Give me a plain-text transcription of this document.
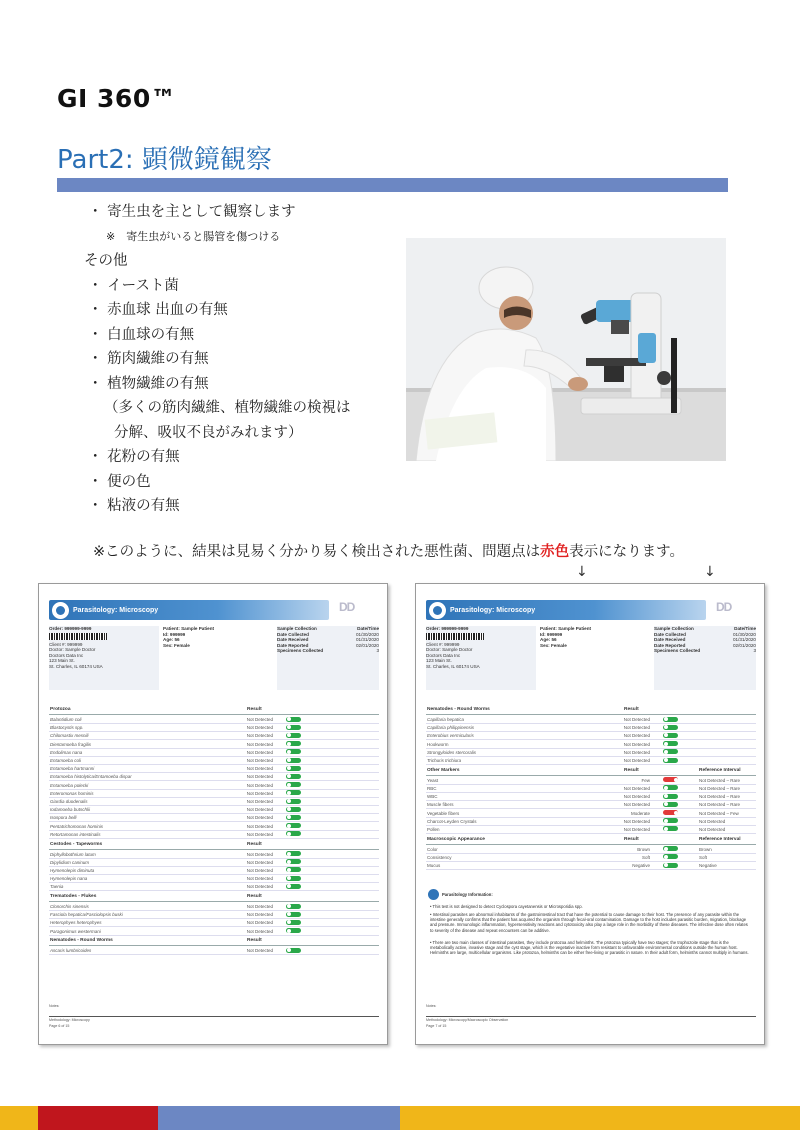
GI 360™
Part2: 顕微鏡観察
・ 寄生虫を主として観察します
※　寄生虫がいると腸管を傷つける
その他
・ イースト菌
・ 赤血球 出血の有無
・ 白血球の有無
・ 筋肉繊維の有無
・ 植物繊維の有無
（多くの筋肉繊維、植物繊維の検視は
分解、吸収不良がみれます）
・ 花粉の有無
・ 便の色
・ 粘液の有無
※このように、結果は見易く分かり易く検出された悪性菌、問題点は赤色表示になります。
↓	↓
Parasitology: Microscopy	DD
Order: 999999-9999
Client #: 999999
Doctor: Sample Doctor
Doctors Data Inc
123 Main St.
St. Charles, IL 60174 USA
Patient: Sample Patient
Id: 999999
Age: 56
Sex: Female
Sample Collection	Date/Time
Date Collected	01/30/2020
Date Received	01/31/2020
Date Reported	02/01/2020
Specimens Collected	3
Protozoa	Result
Balantidium coli	Not Detected
Blastocystis spp.	Not Detected
Chilomastix mesnili	Not Detected
Dientamoeba fragilis	Not Detected
Endolimax nana	Not Detected
Entamoeba coli	Not Detected
Entamoeba hartmanni	Not Detected
Entamoeba histolytica/Entamoeba dispar	Not Detected
Entamoeba polecki	Not Detected
Enteromonas hominis	Not Detected
Giardia duodenalis	Not Detected
Iodamoeba butschlii	Not Detected
Isospora belli	Not Detected
Pentatrichomonas hominis	Not Detected
Retortamonas intestinalis	Not Detected
Cestodes - Tapeworms	Result
Diphyllobothrium latum	Not Detected
Dipylidium caninum	Not Detected
Hymenolepis diminuta	Not Detected
Hymenolepis nana	Not Detected
Taenia	Not Detected
Trematodes - Flukes	Result
Clonorchis sinensis	Not Detected
Fasciola hepatica/Fasciolopsis buski	Not Detected
Heterophyes heterophyes	Not Detected
Paragonimus westermani	Not Detected
Nematodes - Round Worms	Result
Ascaris lumbricoides	Not Detected
Notes:
Methodology: Microscopy
Page 6 of 15
Parasitology: Microscopy	DD
Order: 999999-9999
Client #: 999999
Doctor: Sample Doctor
Doctors Data Inc
123 Main St.
St. Charles, IL 60174 USA
Patient: Sample Patient
Id: 999999
Age: 56
Sex: Female
Sample Collection	Date/Time
Date Collected	01/30/2020
Date Received	01/31/2020
Date Reported	02/01/2020
Specimens Collected	3
Nematodes - Round Worms	Result
Capillaria hepatica	Not Detected
Capillaria philippinensis	Not Detected
Enterobius vermicularis	Not Detected
Hookworm	Not Detected
Strongyloides stercoralis	Not Detected
Trichuris trichiura	Not Detected
Other Markers	Result	Reference Interval
Yeast	Few	Not Detected – Rare
RBC	Not Detected	Not Detected – Rare
WBC	Not Detected	Not Detected – Rare
Muscle fibers	Not Detected	Not Detected – Rare
Vegetable fibers	Moderate	Not Detected – Few
Charcot-Leyden Crystals	Not Detected	Not Detected
Pollen	Not Detected	Not Detected
Macroscopic Appearance	Result	Reference Interval
Color	Brown	Brown
Consistency	Soft	Soft
Mucus	Negative	Negative
Parasitology Information:
• This test is not designed to detect Cyclospora cayetanensis or Microsporidia spp.
• Intestinal parasites are abnormal inhabitants of the gastrointestinal tract that have the potential to cause damage to their host. The presence of any parasite within the intestine generally confirms that the patient has acquired the organism through fecal-oral contamination. Damage to the host includes parasitic burden, migration, blockage and pressure. Immunologic inflammation, hypersensitivity reactions and cytotoxicity also play a large role in the morbidity of these diseases. The infective dose often relates to severity of the disease and repeat encounters can be additive.
• There are two main classes of intestinal parasites, they include protozoa and helminths. The protozoa typically have two stages; the trophozoite stage that is the metabolically active, invasive stage and the cyst stage, which is the vegetative inactive form resistant to unfavorable environmental conditions outside the human host. Helminths are large, multicellular organisms. Like protozoa, helminths can be either free-living or parasitic in nature. In their adult form, helminths cannot multiply in humans.
Notes:
Methodology: Microscopy/Macroscopic Observation
Page 7 of 15
